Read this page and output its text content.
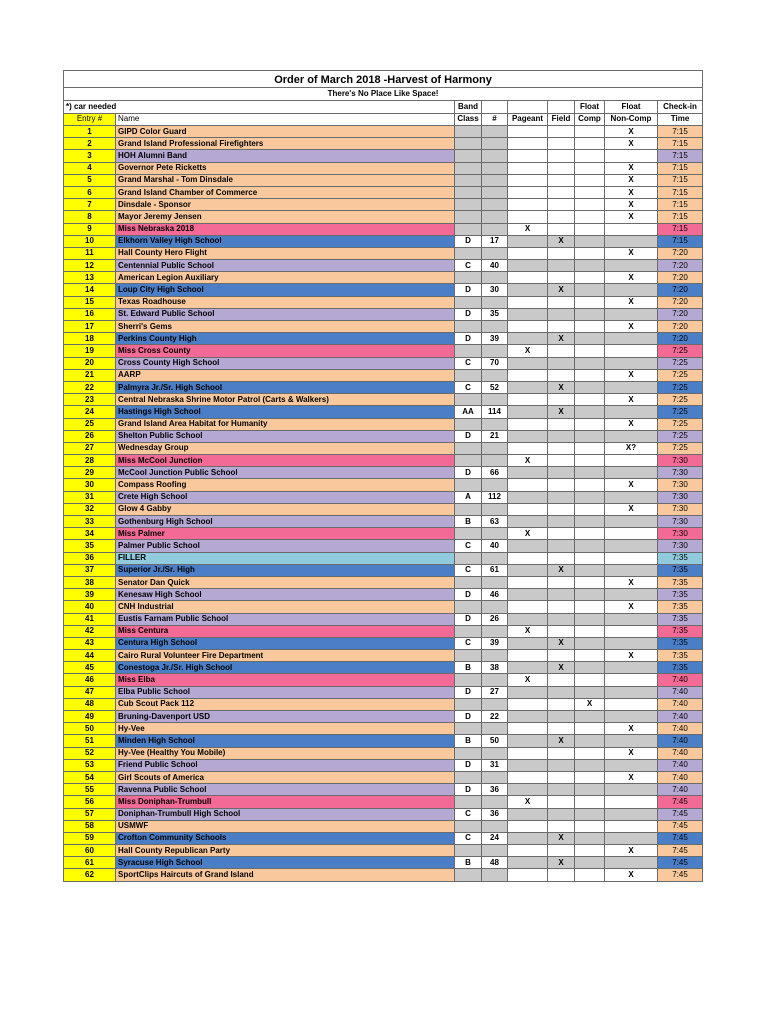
Order of March 2018 -Harvest of Harmony								
There's No Place Like Space!								
*) car needed		Band				Float	Float	Check-in
Entry #	Name	Class	#	Pageant	Field	Comp	Non-Comp	Time
1	GIPD Color Guard						X	7:15
2	Grand Island Professional Firefighters						X	7:15
3	HOH Alumni Band							7:15
4	Governor Pete Ricketts						X	7:15
5	Grand Marshal - Tom Dinsdale						X	7:15
6	Grand Island Chamber of Commerce						X	7:15
7	Dinsdale - Sponsor						X	7:15
8	Mayor Jeremy Jensen						X	7:15
9	Miss Nebraska 2018			X				7:15
10	Elkhorn Valley High School	D	17		X			7:15
11	Hall County Hero Flight						X	7:20
12	Centennial Public School	C	40					7:20
13	American Legion Auxiliary						X	7:20
14	Loup City High School	D	30		X			7:20
15	Texas Roadhouse						X	7:20
16	St. Edward Public School	D	35					7:20
17	Sherri's Gems						X	7:20
18	Perkins County High	D	39		X			7:20
19	Miss Cross County			X				7:25
20	Cross County High School	C	70					7:25
21	AARP						X	7:25
22	Palmyra Jr./Sr. High School	C	52		X			7:25
23	Central Nebraska Shrine Motor Patrol (Carts & Walkers)						X	7:25
24	Hastings High School	AA	114		X			7:25
25	Grand Island Area Habitat for Humanity						X	7:25
26	Shelton Public School	D	21					7:25
27	Wednesday Group						X?	7:25
28	Miss McCool Junction			X				7:30
29	McCool Junction Public School	D	66					7:30
30	Compass Roofing						X	7:30
31	Crete High School	A	112					7:30
32	Glow 4 Gabby						X	7:30
33	Gothenburg High School	B	63					7:30
34	Miss Palmer			X				7:30
35	Palmer Public School	C	40					7:30
36	FILLER							7:35
37	Superior Jr./Sr. High	C	61		X			7:35
38	Senator Dan Quick						X	7:35
39	Kenesaw High School	D	46					7:35
40	CNH Industrial						X	7:35
41	Eustis Farnam Public School	D	26					7:35
42	Miss Centura			X				7:35
43	Centura High School	C	39		X			7:35
44	Cairo Rural Volunteer Fire Department						X	7:35
45	Conestoga Jr./Sr. High School	B	38		X			7:35
46	Miss Elba			X				7:40
47	Elba Public School	D	27					7:40
48	Cub Scout Pack 112					X		7:40
49	Bruning-Davenport USD	D	22					7:40
50	Hy-Vee						X	7:40
51	Minden High School	B	50		X			7:40
52	Hy-Vee (Healthy You Mobile)						X	7:40
53	Friend Public School	D	31					7:40
54	Girl Scouts of America						X	7:40
55	Ravenna Public School	D	36					7:40
56	Miss Doniphan-Trumbull			X				7:45
57	Doniphan-Trumbull High School	C	36					7:45
58	USMWF							7:45
59	Crofton Community Schools	C	24		X			7:45
60	Hall County Republican Party						X	7:45
61	Syracuse High School	B	48		X			7:45
62	SportClips Haircuts of Grand Island						X	7:45
